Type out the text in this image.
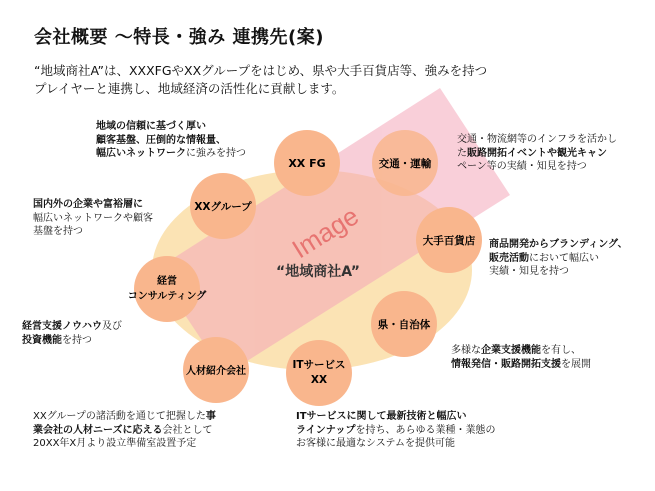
会社概要 ～特長・強み 連携先(案)
“地域商社A”は、XXXFGやXXグループをはじめ、県や大手百貨店等、強みを持つ
プレイヤーと連携し、地域経済の活性化に貢献します。
Image
“地域商社A”
XX FG	交通・運輸
大手百貨店
県・自治体
ITサービス
XX
人材紹介会社
経営
コンサルティング
XXグループ
地域の信頼に基づく厚い
顧客基盤、圧倒的な情報量、
幅広いネットワークに強みを持つ
交通・物流網等のインフラを活かし
た販路開拓イベントや観光キャン
ペーン等の実績・知見を持つ
国内外の企業や富裕層に
幅広いネットワークや顧客
基盤を持つ
商品開発からブランディング、
販売活動において幅広い
実績・知見を持つ
経営支援ノウハウ及び
投資機能を持つ
多様な企業支援機能を有し、
情報発信・販路開拓支援を展開
XXグループの諸活動を通じて把握した事
業会社の人材ニーズに応える会社として
20XX年X月より設立準備室設置予定
ITサービスに関して最新技術と幅広い
ラインナップを持ち、あらゆる業種・業態の
お客様に最適なシステムを提供可能
